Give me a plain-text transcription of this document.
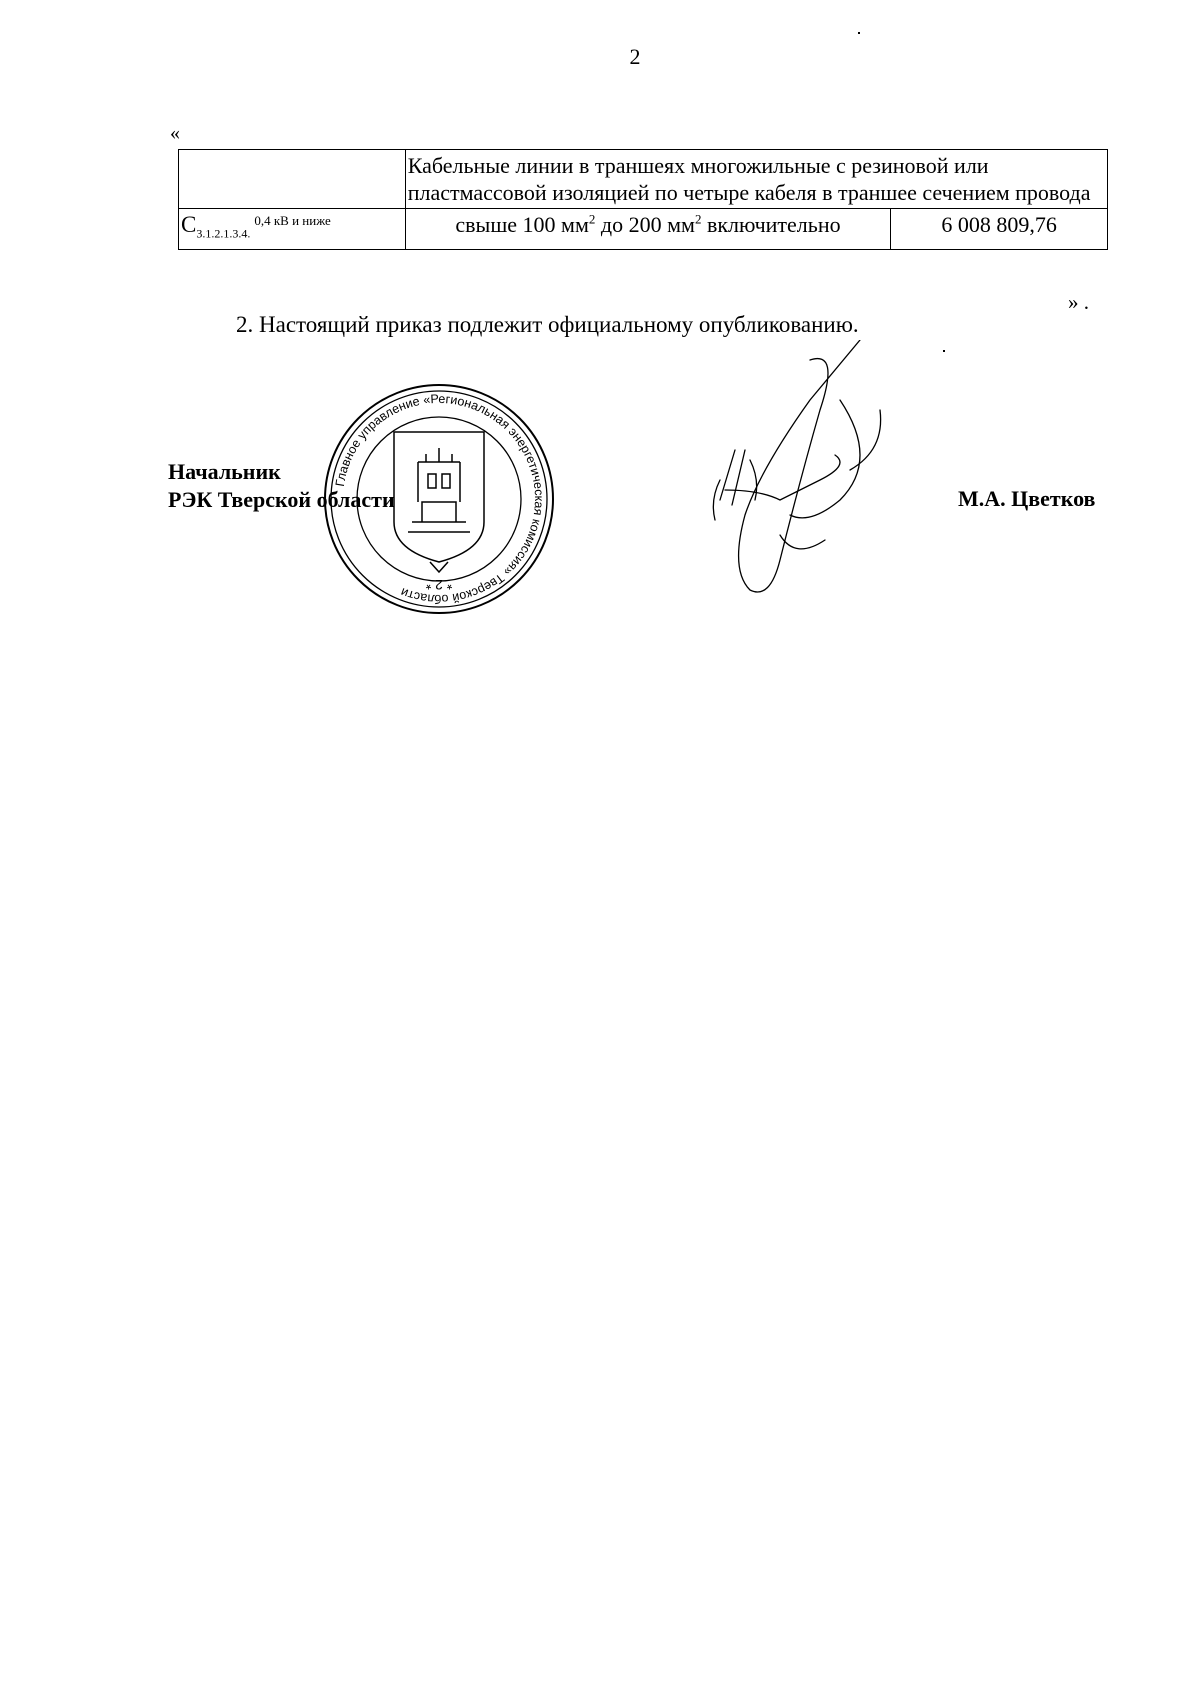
2
«
	Кабельные линии в траншеях многожильные с резиновой или пластмассовой изоляцией по четыре кабеля в траншее сечением провода	
$С_{3.1.2.1.3.4.}^{0,4 кВ и ниже}$	свыше 100 $мм^2$ до 200 $мм^2$ включительно	6 008 809,76
» .
2. Настоящий приказ подлежит официальному опубликованию.
Главное управление «Региональная энергетическая комиссия» Тверской области	* 2 *
Начальник
РЭК Тверской области	М.А. Цветков
